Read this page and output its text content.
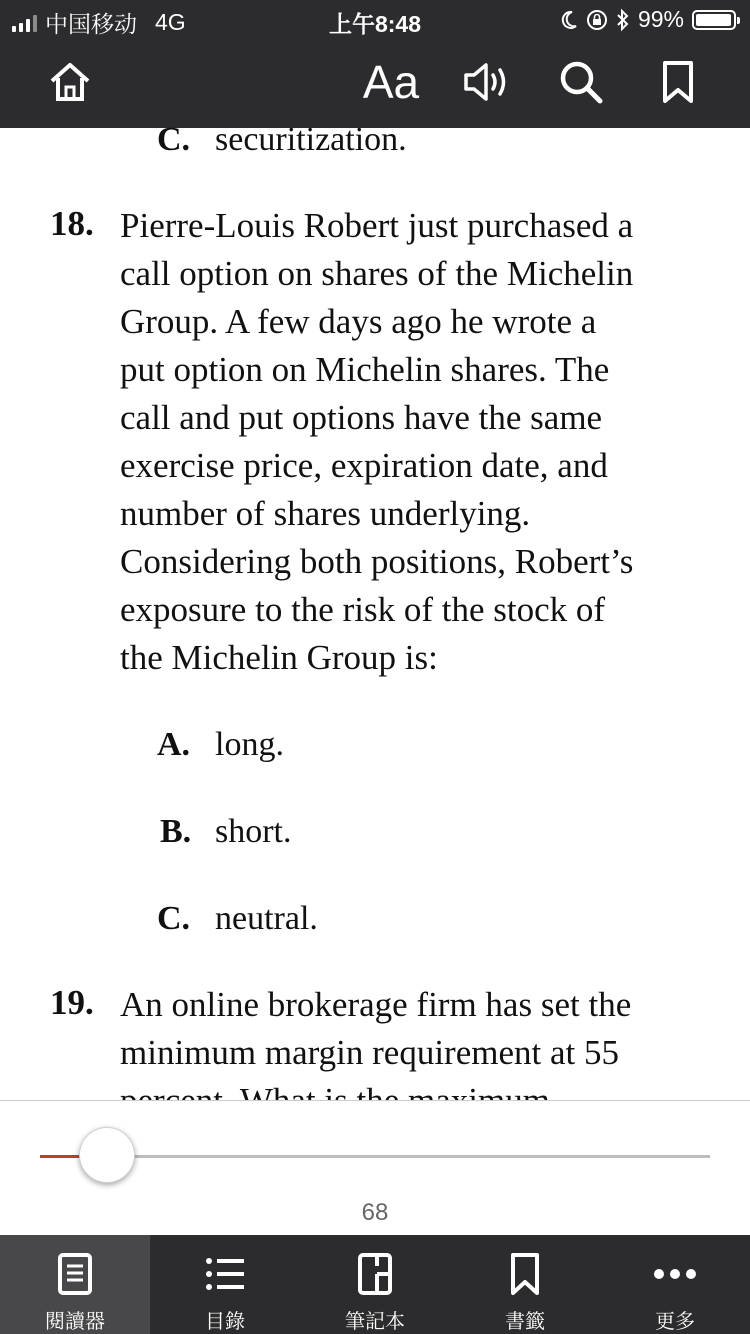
中国移动 4G	上午8:48	99%
Aa
C. securitization.
18. Pierre-Louis Robert just purchased a
call option on shares of the Michelin
Group. A few days ago he wrote a
put option on Michelin shares. The
call and put options have the same
exercise price, expiration date, and
number of shares underlying.
Considering both positions, Robert’s
exposure to the risk of the stock of
the Michelin Group is:
A. long.
B. short.
C. neutral.
19. An online brokerage firm has set the
minimum margin requirement at 55
68
閱讀器	目錄	筆記本	書籤	更多
